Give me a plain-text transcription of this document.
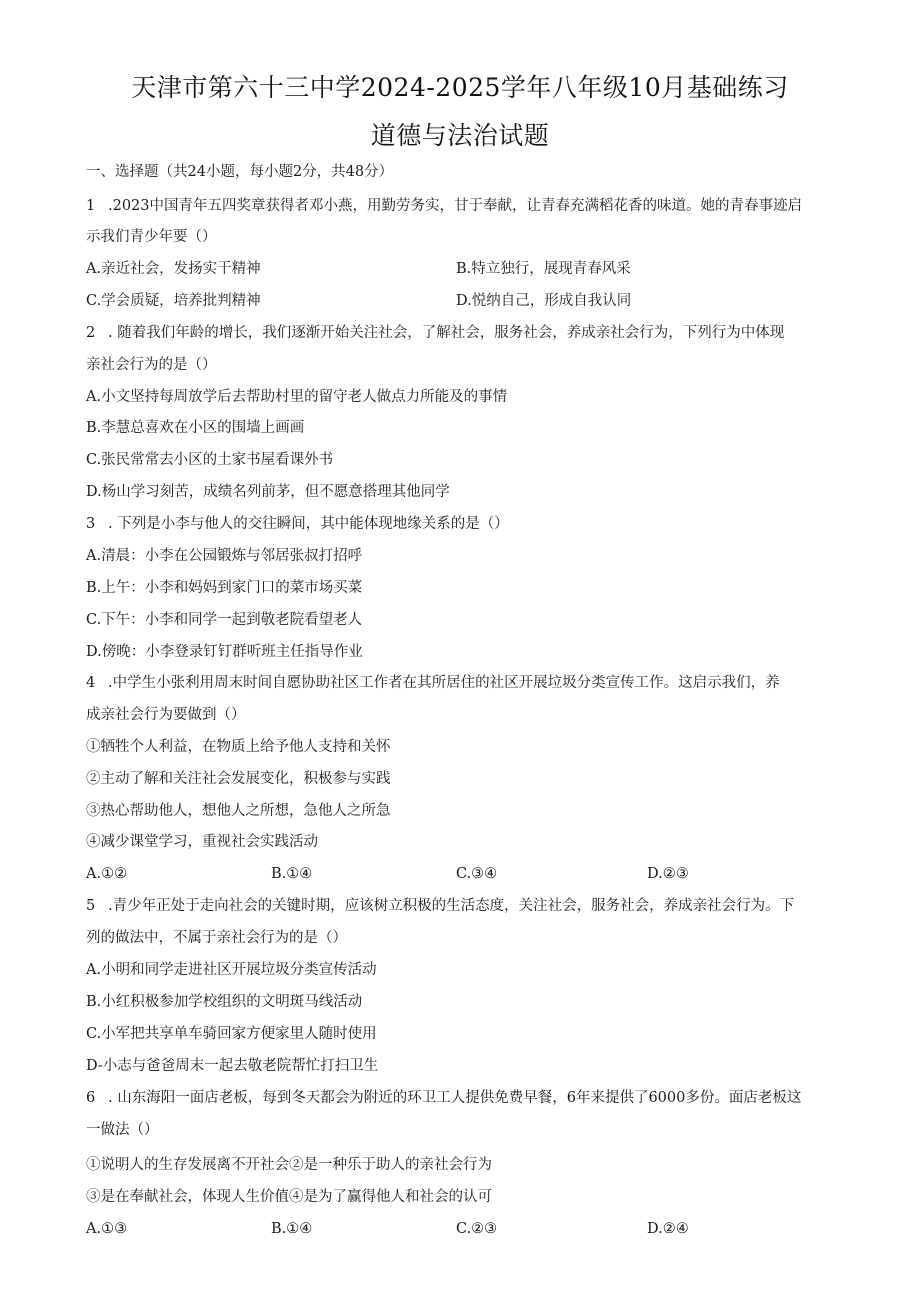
天津市第六十三中学2024-2025学年八年级10月基础练习
道德与法治试题
一、选择题（共24小题，每小题2分，共48分）
1 .2023中国青年五四奖章获得者邓小燕，用勤劳务实，甘于奉献，让青春充满稻花香的味道。她的青春事迹启
示我们青少年要（）
A.亲近社会，发扬实干精神	B.特立独行，展现青春风采
C.学会质疑，培养批判精神	D.悦纳自己，形成自我认同
2 . 随着我们年龄的增长，我们逐渐开始关注社会，了解社会，服务社会，养成亲社会行为，下列行为中体现
亲社会行为的是（）
A.小文坚持每周放学后去帮助村里的留守老人做点力所能及的事情
B.李慧总喜欢在小区的围墙上画画
C.张民常常去小区的土家书屋看课外书
D.杨山学习刻苦，成绩名列前茅，但不愿意搭理其他同学
3 . 下列是小李与他人的交往瞬间，其中能体现地缘关系的是（）
A.清晨：小李在公园锻炼与邻居张叔打招呼
B.上午：小李和妈妈到家门口的菜市场买菜
C.下午：小李和同学一起到敬老院看望老人
D.傍晚：小李登录钉钉群听班主任指导作业
4 .中学生小张利用周末时间自愿协助社区工作者在其所居住的社区开展垃圾分类宣传工作。这启示我们，养
成亲社会行为要做到（）
①牺牲个人利益，在物质上给予他人支持和关怀
②主动了解和关注社会发展变化，积极参与实践
③热心帮助他人，想他人之所想，急他人之所急
④减少课堂学习，重视社会实践活动
A.①②	B.①④	C.③④	D.②③
5 .青少年正处于走向社会的关键时期，应该树立积极的生活态度，关注社会，服务社会，养成亲社会行为。下
列的做法中，不属于亲社会行为的是（）
A.小明和同学走进社区开展垃圾分类宣传活动
B.小红积极参加学校组织的文明斑马线活动
C.小军把共享单车骑回家方便家里人随时使用
D-小志与爸爸周末一起去敬老院帮忙打扫卫生
6 . 山东海阳一面店老板，每到冬天都会为附近的环卫工人提供免费早餐，6年来提供了6000多份。面店老板这
一做法（）
①说明人的生存发展离不开社会②是一种乐于助人的亲社会行为
③是在奉献社会，体现人生价值④是为了赢得他人和社会的认可
A.①③	B.①④	C.②③	D.②④
